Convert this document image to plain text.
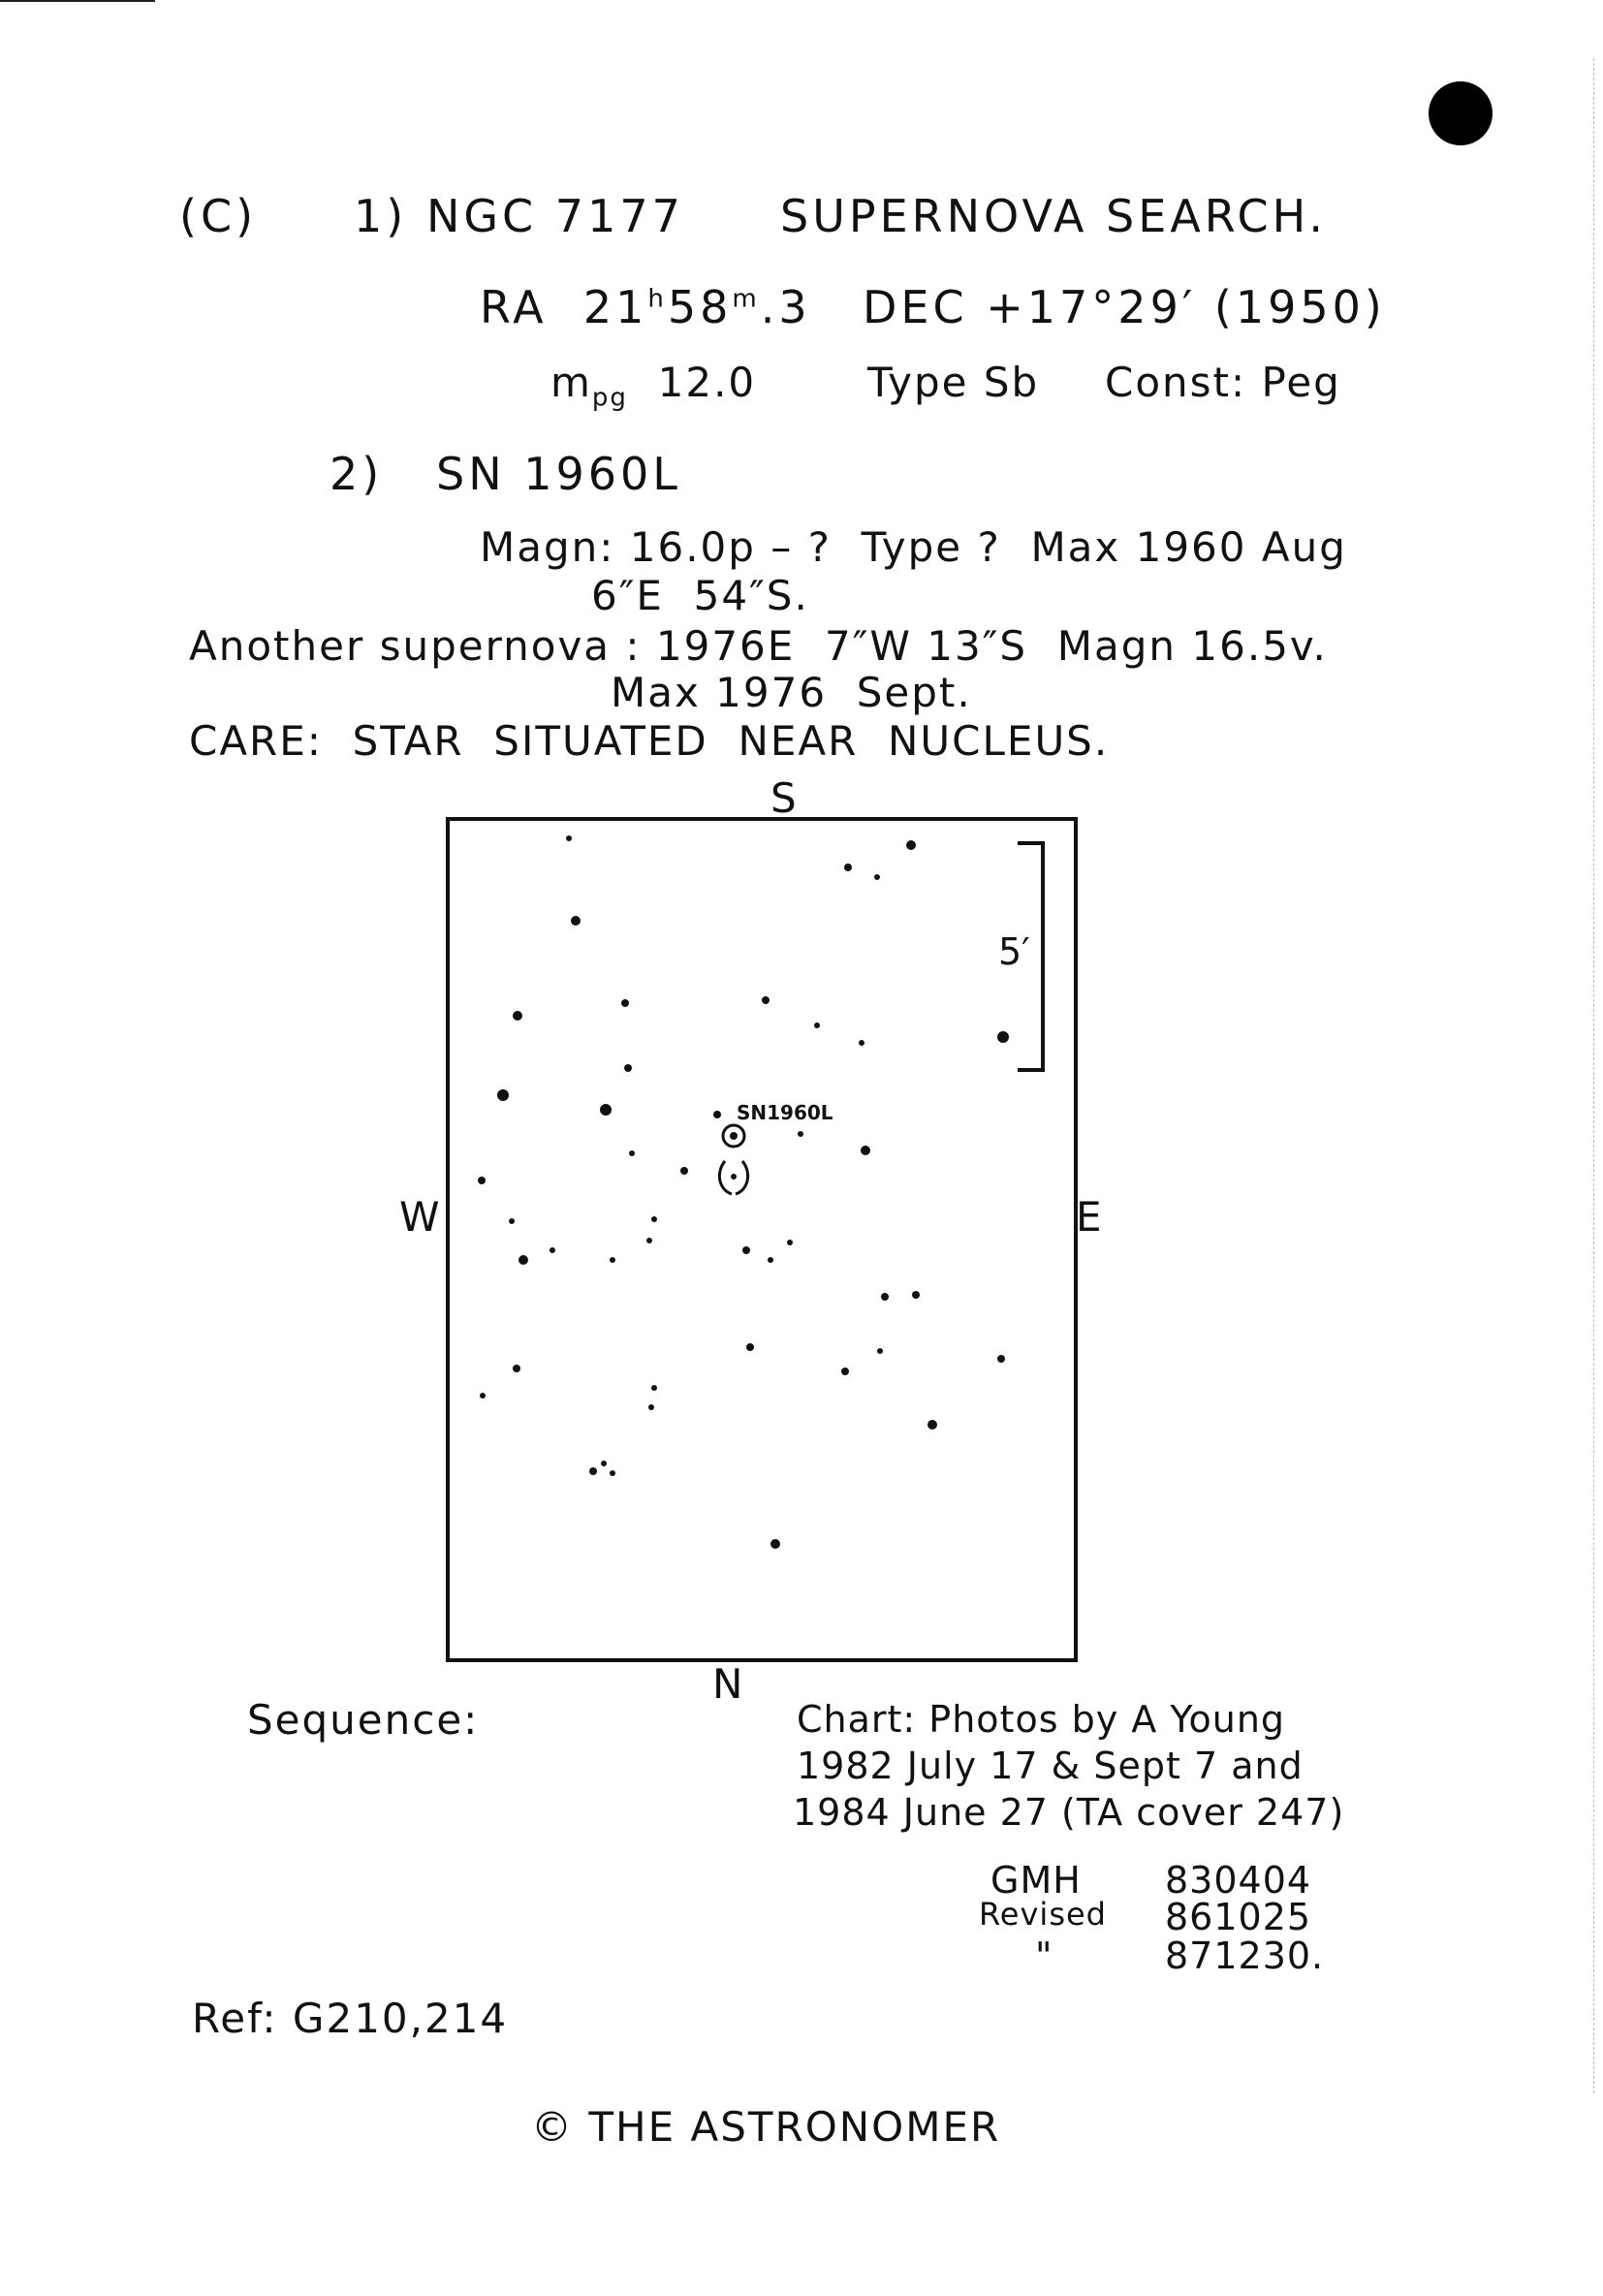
(C) 1) NGC 7177 SUPERNOVA SEARCH.
RA 21$^h$58$^m$.3 DEC +17°29′ (1950)
$m_{pg}$ 12.0	Type Sb Const: Peg
2) SN 1960L
Magn: 16.0p – ?  Type ?  Max 1960 Aug
6″E  54″S.
Another supernova : 1976E  7″W 13″S  Magn 16.5v.
Max 1976  Sept.
CARE:  STAR  SITUATED  NEAR  NUCLEUS.
5′
S
N
W	E
SN1960L
Sequence:	Chart: Photos by A Young
1982 July 17 & Sept 7 and
1984 June 27 (TA cover 247)
GMH 830404
Revised 861025
"	871230.
Ref: G210,214
© THE ASTRONOMER
